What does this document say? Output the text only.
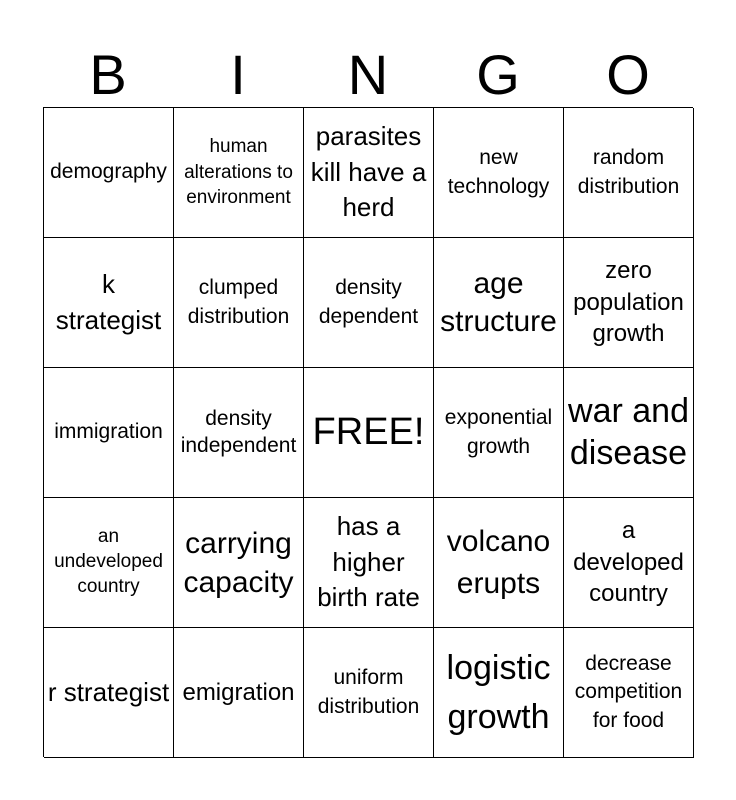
B	I	N	G	O
demography
human alterations to environment
parasites kill have a herd
new technology
random distribution
k strategist
clumped distribution
density dependent
age structure
zero population growth
immigration
density independent FREE! exponential growth
war and disease
an undeveloped country
carrying capacity
has a higher birth rate
volcano erupts
a developed country
r strategist emigration
uniform distribution
logistic growth
decrease competition for food
